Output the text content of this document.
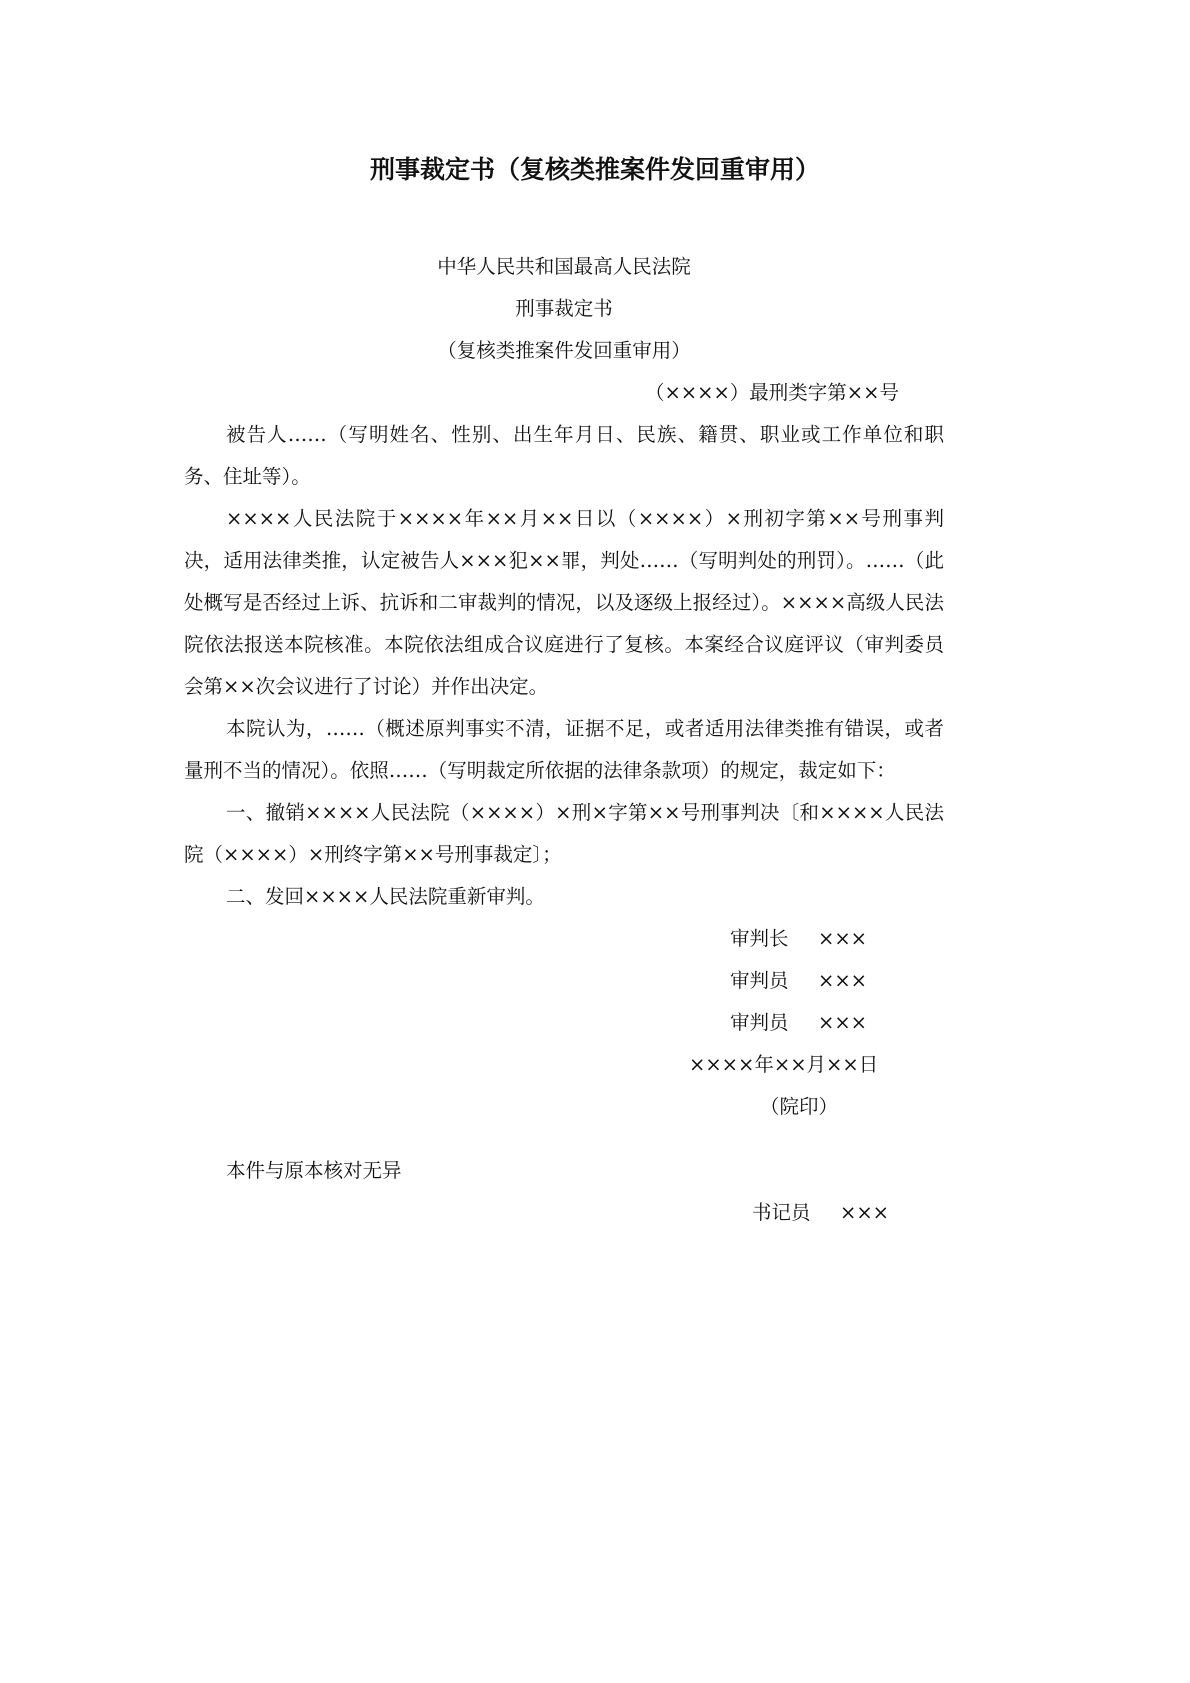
刑事裁定书（复核类推案件发回重审用）
中华人民共和国最高人民法院
刑事裁定书
（复核类推案件发回重审用）
（××××）最刑类字第××号

被告人……（写明姓名、性别、出生年月日、民族、籍贯、职业或工作单位和职务、住址等）。

××××人民法院于××××年××月××日以（××××）×刑初字第××号刑事判决，适用法律类推，认定被告人×××犯××罪，判处……（写明判处的刑罚）。……（此处概写是否经过上诉、抗诉和二审裁判的情况，以及逐级上报经过）。××××高级人民法院依法报送本院核准。本院依法组成合议庭进行了复核。本案经合议庭评议（审判委员会第××次会议进行了讨论）并作出决定。

本院认为，……（概述原判事实不清，证据不足，或者适用法律类推有错误，或者量刑不当的情况）。依照……（写明裁定所依据的法律条款项）的规定，裁定如下：

一、撤销××××人民法院（××××）×刑×字第××号刑事判决〔和××××人民法院（××××）×刑终字第××号刑事裁定〕；

二、发回××××人民法院重新审判。

审判长 ×××
审判员 ×××
审判员 ×××
××××年××月××日
（院印）

本件与原本核对无异

书记员 ×××
